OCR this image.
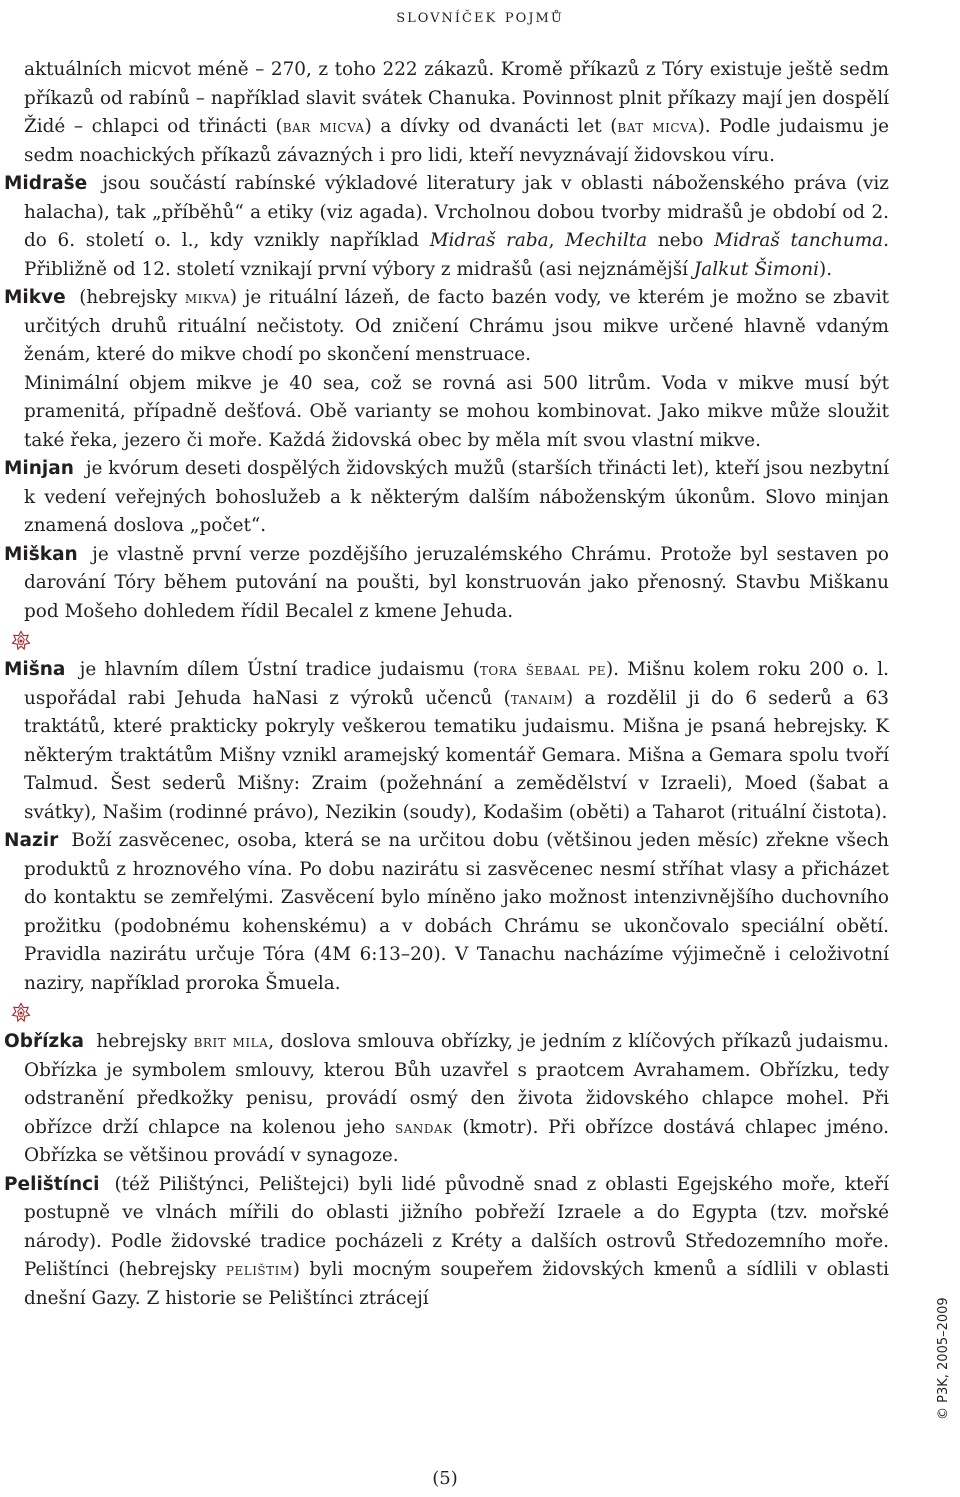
slovníček pojmů

aktuálních micvot méně – 270, z toho 222 zákazů. Kromě příkazů z Tóry existuje ještě sedm příkazů od rabínů – například slavit svátek Chanuka. Povinnost plnit příkazy mají jen dospělí Židé – chlapci od třinácti (bar micva) a dívky od dvanácti let (bat micva). Podle judaismu je sedm noachických příkazů závazných i pro lidi, kteří nevyznávají židovskou víru.

Midraše jsou součástí rabínské výkladové literatury jak v oblasti náboženského práva (viz halacha), tak „příběhů“ a etiky (viz agada). Vrcholnou dobou tvorby midrašů je období od 2. do 6. století o. l., kdy vznikly například Midraš raba, Mechilta nebo Midraš tanchuma. Přibližně od 12. století vznikají první výbory z midrašů (asi nejznámější Jalkut Šimoni).

Mikve (hebrejsky mikva) je rituální lázeň, de facto bazén vody, ve kterém je možno se zbavit určitých druhů rituální nečistoty. Od zničení Chrámu jsou mikve určené hlavně vdaným ženám, které do mikve chodí po skončení menstruace.
Minimální objem mikve je 40 sea, což se rovná asi 500 litrům. Voda v mikve musí být pramenitá, případně dešťová. Obě varianty se mohou kombinovat. Jako mikve může sloužit také řeka, jezero či moře. Každá židovská obec by měla mít svou vlastní mikve.

Minjan je kvórum deseti dospělých židovských mužů (starších třinácti let), kteří jsou nezbytní k vedení veřejných bohoslužeb a k některým dalším náboženským úkonům. Slovo minjan znamená doslova „počet“.

Miškan je vlastně první verze pozdějšího jeruzalémského Chrámu. Protože byl sestaven po darování Tóry během putování na poušti, byl konstruován jako přenosný. Stavbu Miškanu pod Mošeho dohledem řídil Becalel z kmene Jehuda.

Mišna je hlavním dílem Ústní tradice judaismu (tora šebaal pe). Mišnu kolem roku 200 o. l. uspořádal rabi Jehuda haNasi z výroků učenců (tanaim) a rozdělil ji do 6 sederů a 63 traktátů, které prakticky pokryly veškerou tematiku judaismu. Mišna je psaná hebrejsky. K některým traktátům Mišny vznikl aramejský komentář Gemara. Mišna a Gemara spolu tvoří Talmud. Šest sederů Mišny: Zraim (požehnání a zemědělství v Izraeli), Moed (šabat a svátky), Našim (rodinné právo), Nezikin (soudy), Kodašim (oběti) a Taharot (rituální čistota).

Nazir Boží zasvěcenec, osoba, která se na určitou dobu (většinou jeden měsíc) zřekne všech produktů z hroznového vína. Po dobu nazirátu si zasvěcenec nesmí stříhat vlasy a přicházet do kontaktu se zemřelými. Zasvěcení bylo míněno jako možnost intenzivnějšího duchovního prožitku (podobnému kohenskému) a v dobách Chrámu se ukončovalo speciální obětí. Pravidla nazirátu určuje Tóra (4M 6:13–20). V Tanachu nacházíme výjimečně i celoživotní naziry, například proroka Šmuela.

Obřízka hebrejsky brit mila, doslova smlouva obřízky, je jedním z klíčových příkazů judaismu. Obřízka je symbolem smlouvy, kterou Bůh uzavřel s praotcem Avrahamem. Obřízku, tedy odstranění předkožky penisu, provádí osmý den života židovského chlapce mohel. Při obřízce drží chlapce na kolenou jeho sandak (kmotr). Při obřízce dostává chlapec jméno. Obřízka se většinou provádí v synagoze.

Pelištínci (též Pilištýnci, Pelištejci) byli lidé původně snad z oblasti Egejského moře, kteří postupně ve vlnách mířili do oblasti jižního pobřeží Izraele a do Egypta (tzv. mořské národy). Podle židovské tradice pocházeli z Kréty a dalších ostrovů Středozemního moře. Pelištínci (hebrejsky pelištim) byli mocným soupeřem židovských kmenů a sídlili v oblasti dnešní Gazy. Z historie se Pelištínci ztrácejí	© P3K, 2005–2009
(5)
